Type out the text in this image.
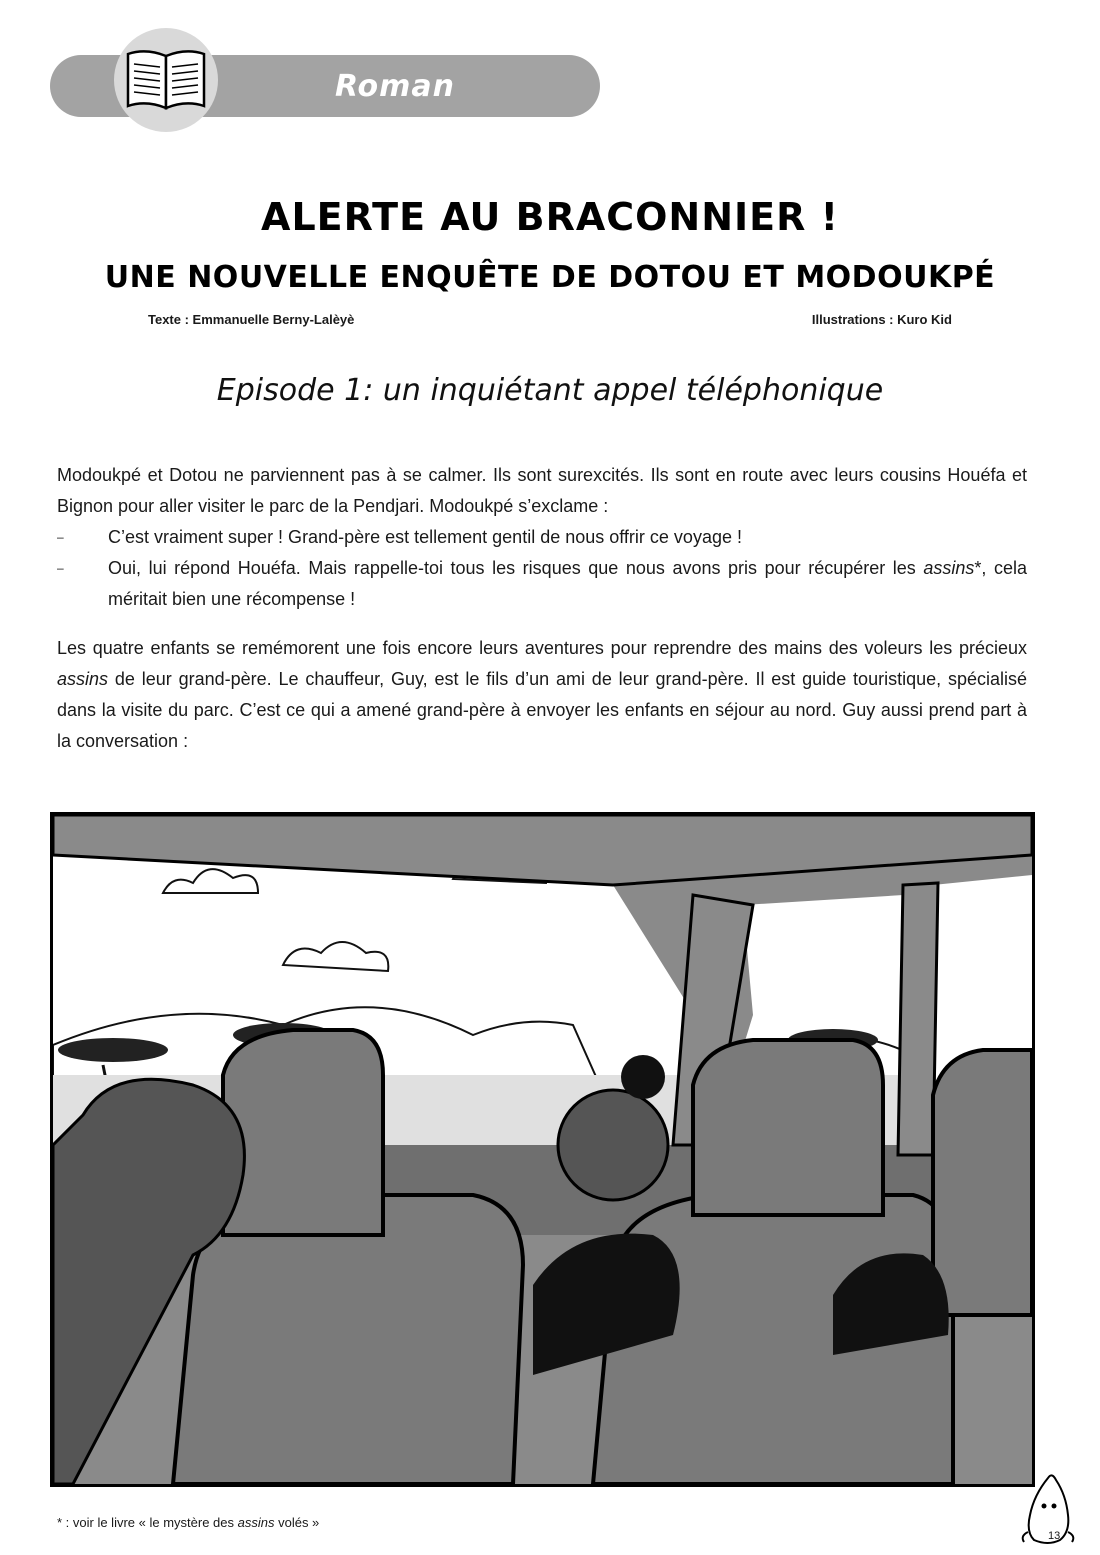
Roman
ALERTE AU BRACONNIER !
UNE NOUVELLE ENQUÊTE DE DOTOU ET MODOUKPÉ
Texte : Emmanuelle Berny-Lalèyè	Illustrations : Kuro Kid
Episode 1: un inquiétant appel téléphonique
Modoukpé et Dotou ne parviennent pas à se calmer. Ils sont surexcités. Ils sont en route avec leurs cousins Houéfa et Bignon pour aller visiter le parc de la Pendjari. Modoukpé s’exclame :
– C’est vraiment super ! Grand-père est tellement gentil de nous offrir ce voyage !
– Oui, lui répond Houéfa. Mais rappelle-toi tous les risques que nous avons pris pour récupérer les assins*, cela méritait bien une récompense !
Les quatre enfants se remémorent une fois encore leurs aventures pour reprendre des mains des voleurs les précieux assins de leur grand-père. Le chauffeur, Guy, est le fils d’un ami de leur grand-père. Il est guide touristique, spécialisé dans la visite du parc. C’est ce qui a amené grand-père à envoyer les enfants en séjour au nord. Guy aussi prend part à la conversation :
* : voir le livre « le mystère des assins volés »
13
